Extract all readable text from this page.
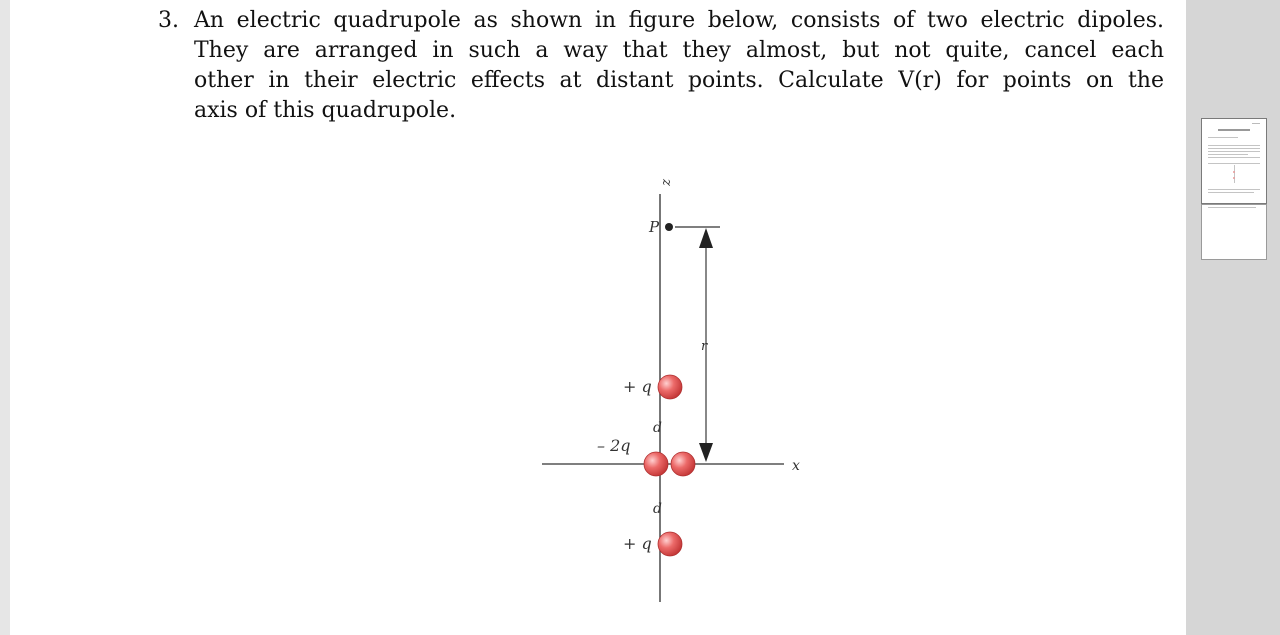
3. An electric quadrupole as shown in figure below, consists of two electric dipoles.
They are arranged in such a way that they almost, but not quite, cancel each
other in their electric effects at distant points. Calculate V(r) for points on the
axis of this quadrupole.
z
x
P
r
+ q
d
– 2q
d
+ q
